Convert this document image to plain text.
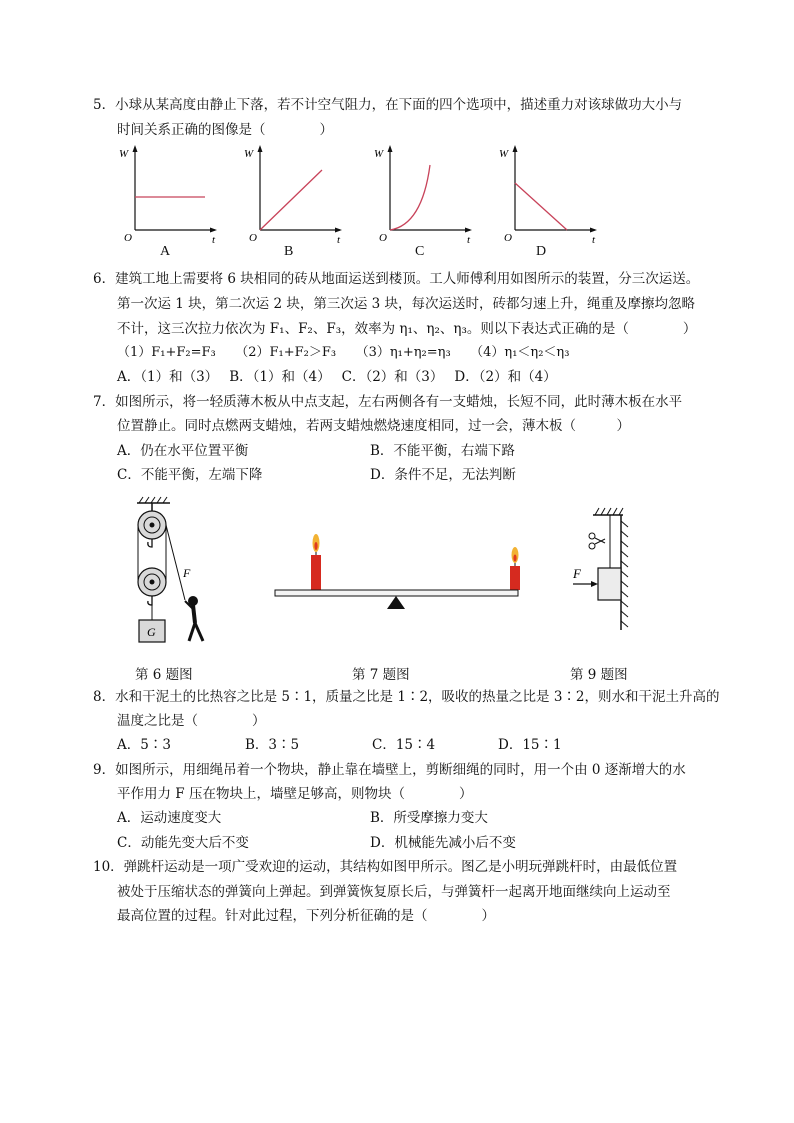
5．小球从某高度由静止下落，若不计空气阻力，在下面的四个选项中，描述重力对该球做功大小与
时间关系正确的图像是（　　　　）
W
O	t
A
W
O	t
B
W
O	t
C
W
O	t
D
6．建筑工地上需要将 6 块相同的砖从地面运送到楼顶。工人师傅利用如图所示的装置，分三次运送。
第一次运 1 块，第二次运 2 块，第三次运 3 块，每次运送时，砖都匀速上升，绳重及摩擦均忽略
不计，这三次拉力依次为 F₁、F₂、F₃，效率为 η₁、η₂、η₃。则以下表达式正确的是（　　　　）
（1）F₁+F₂=F₃　　（2）F₁+F₂＞F₃　　（3）η₁+η₂=η₃　　（4）η₁＜η₂＜η₃
A．（1）和（3）　 B．（1）和（4）　 C．（2）和（3）　 D．（2）和（4）
7．如图所示，将一轻质薄木板从中点支起，左右两侧各有一支蜡烛，长短不同，此时薄木板在水平
位置静止。同时点燃两支蜡烛，若两支蜡烛燃烧速度相同，过一会，薄木板（　　　）
A．仍在水平位置平衡	B．不能平衡，右端下路
C．不能平衡，左端下降	D．条件不足，无法判断
G
F	F
第 6 题图	第 7 题图	第 9 题图
8．水和干泥土的比热容之比是 5∶1，质量之比是 1∶2，吸收的热量之比是 3∶2，则水和干泥土升高的
温度之比是（　　　　）
A．5∶3	B．3∶5	C．15∶4	D．15∶1
9．如图所示，用细绳吊着一个物块，静止靠在墙壁上，剪断细绳的同时，用一个由 0 逐渐增大的水
平作用力 F 压在物块上，墙壁足够高，则物块（　　　　）
A．运动速度变大	B．所受摩擦力变大
C．动能先变大后不变	D．机械能先减小后不变
10．弹跳杆运动是一项广受欢迎的运动，其结构如图甲所示。图乙是小明玩弹跳杆时，由最低位置
被处于压缩状态的弹簧向上弹起。到弹簧恢复原长后，与弹簧杆一起离开地面继续向上运动至
最高位置的过程。针对此过程，下列分析征确的是（　　　　）
